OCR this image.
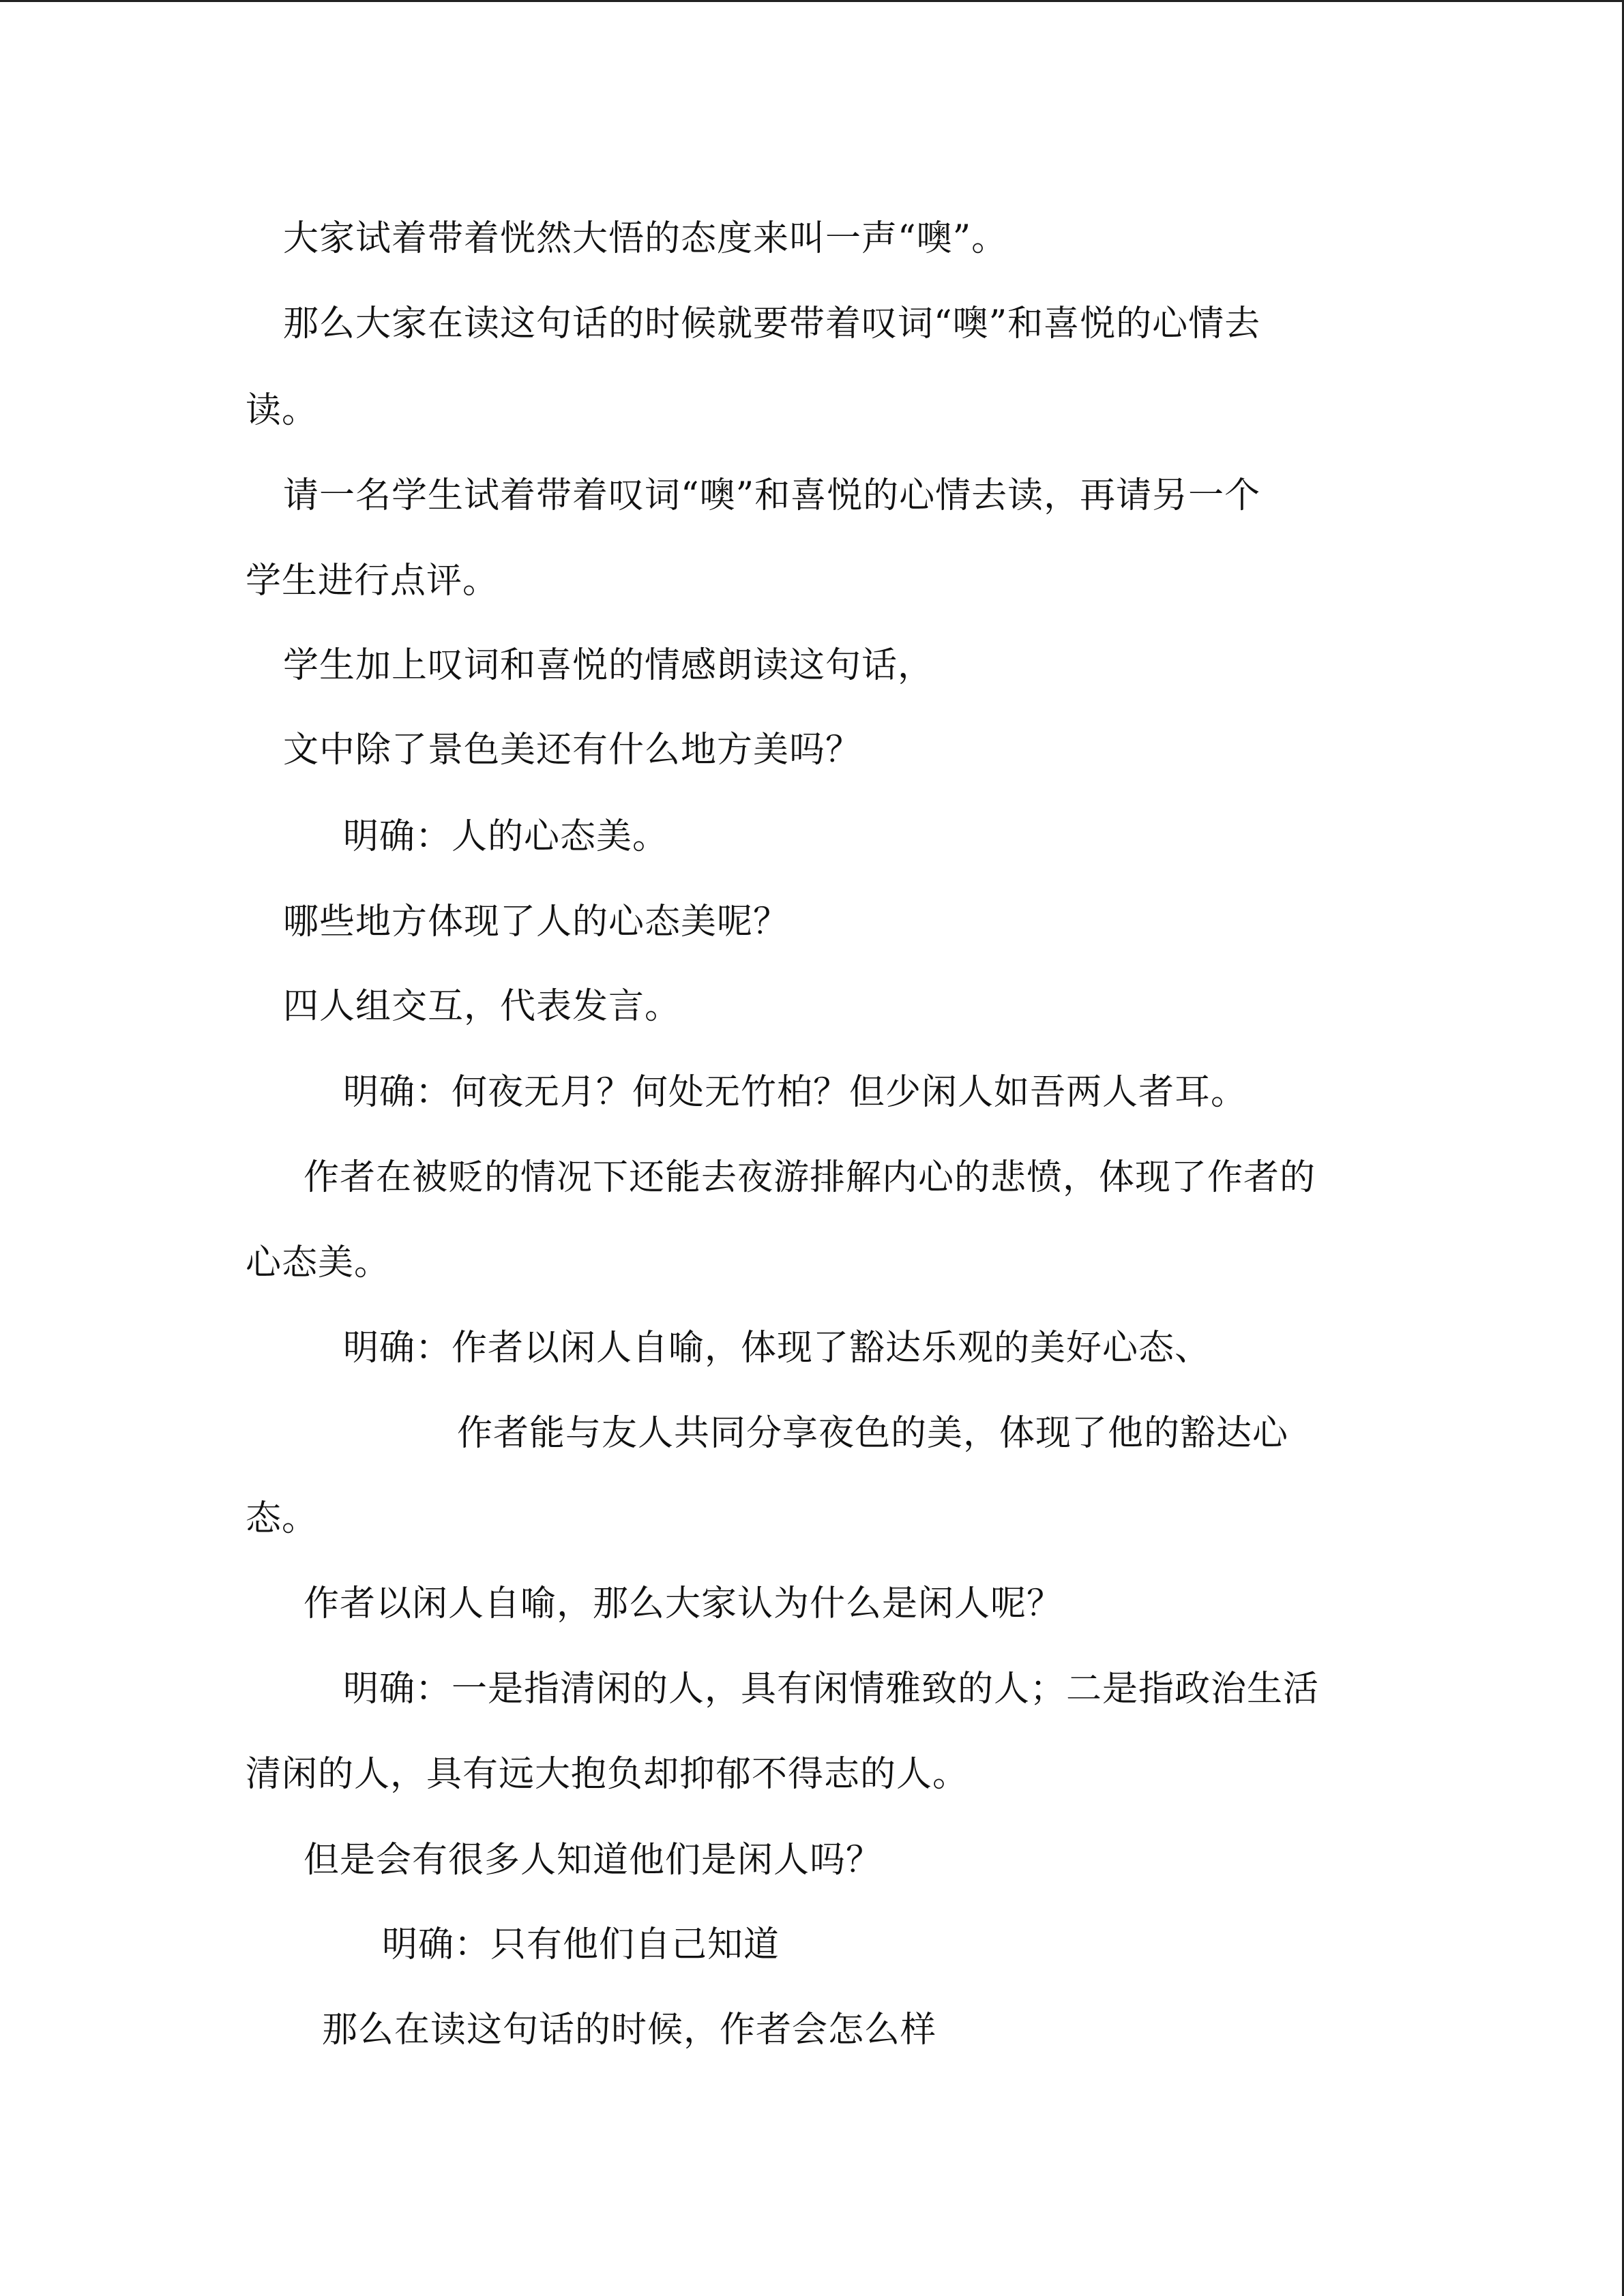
大家试着带着恍然大悟的态度来叫一声“噢”。
那么大家在读这句话的时候就要带着叹词“噢”和喜悦的心情去
读。
请一名学生试着带着叹词“噢”和喜悦的心情去读，再请另一个
学生进行点评。
学生加上叹词和喜悦的情感朗读这句话，
文中除了景色美还有什么地方美吗？
明确：人的心态美。
哪些地方体现了人的心态美呢？
四人组交互，代表发言。
明确：何夜无月？何处无竹柏？但少闲人如吾两人者耳。
作者在被贬的情况下还能去夜游排解内心的悲愤，体现了作者的
心态美。
明确：作者以闲人自喻，体现了豁达乐观的美好心态、
作者能与友人共同分享夜色的美，体现了他的豁达心
态。
作者以闲人自喻，那么大家认为什么是闲人呢？
明确：一是指清闲的人，具有闲情雅致的人；二是指政治生活
清闲的人，具有远大抱负却抑郁不得志的人。
但是会有很多人知道他们是闲人吗？
明确：只有他们自己知道
那么在读这句话的时候，作者会怎么样
